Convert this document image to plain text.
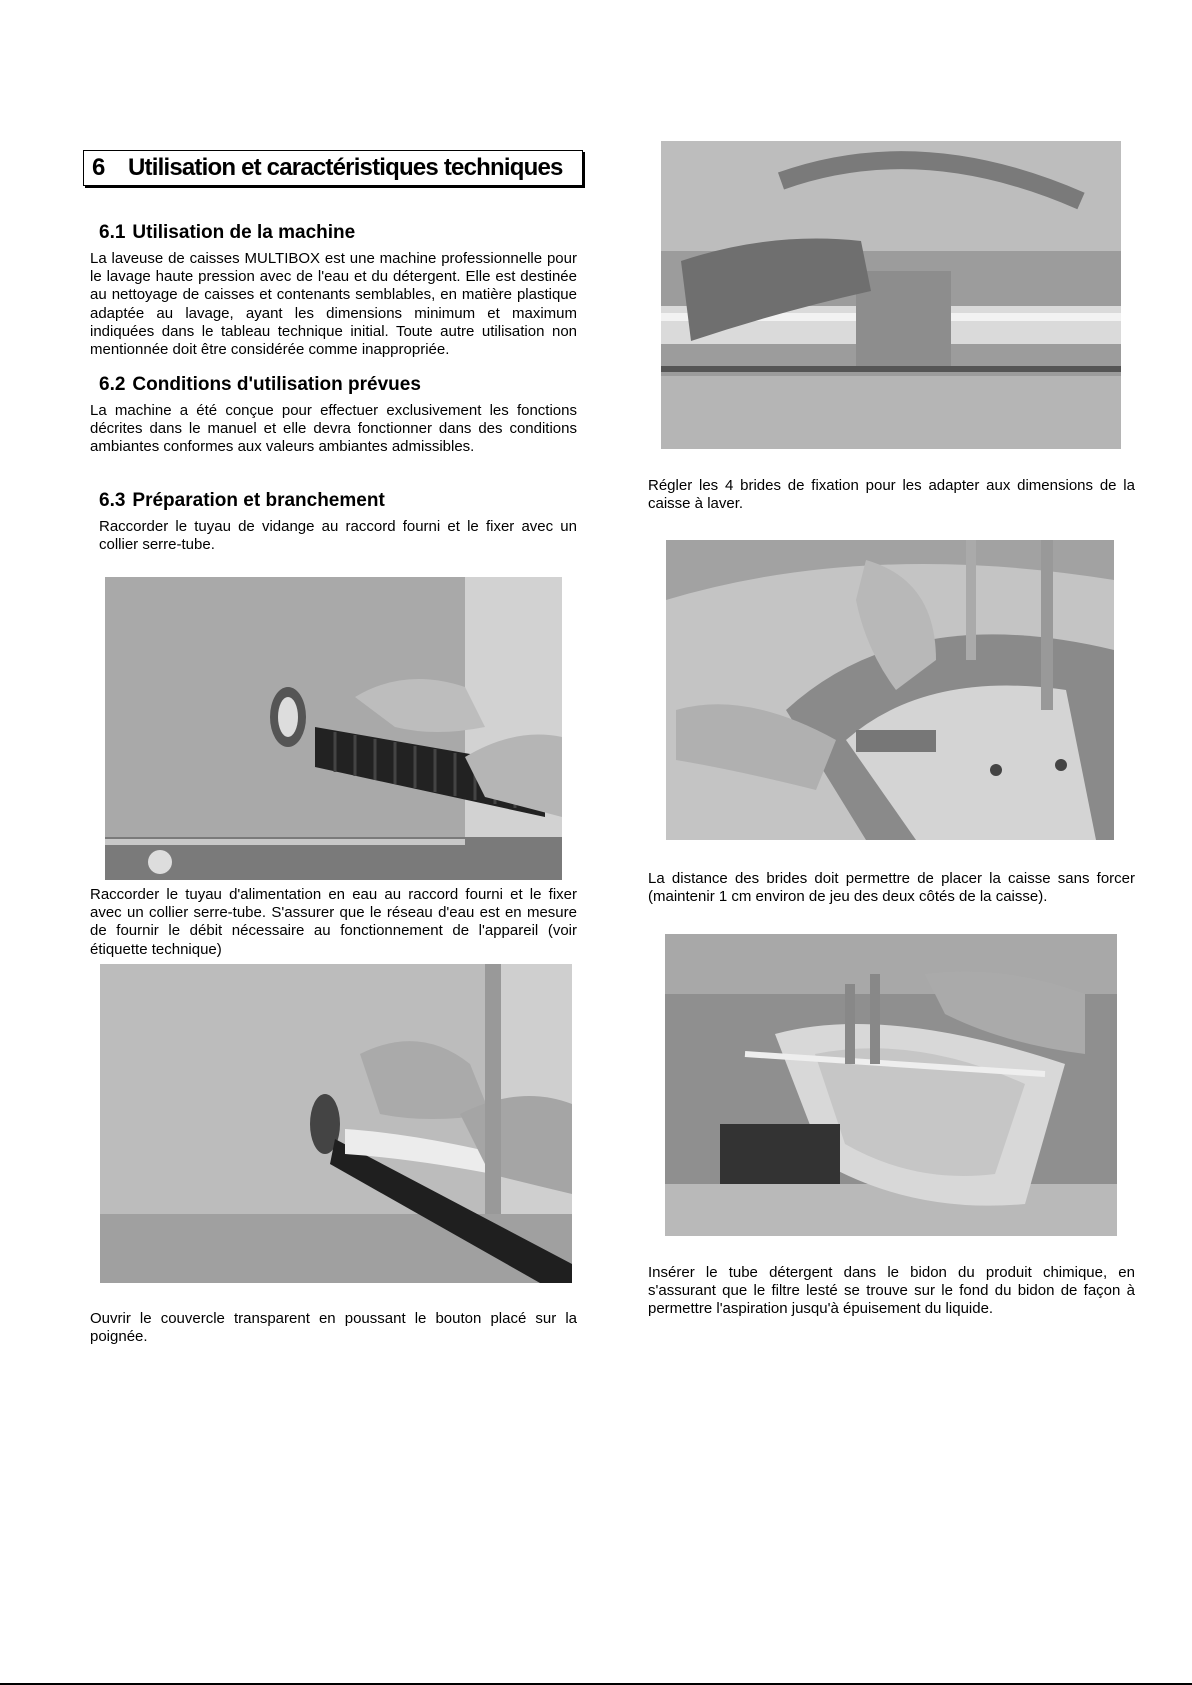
6 Utilisation et caractéristiques techniques
6.1 Utilisation de la machine
La laveuse de caisses MULTIBOX est une machine professionnelle pour le lavage haute pression avec de l'eau et du détergent. Elle est destinée au nettoyage de caisses et contenants semblables, en matière plastique adaptée au lavage, ayant les dimensions minimum et maximum indiquées dans le tableau technique initial. Toute autre utilisation non mentionnée doit être considérée comme inappropriée.
6.2 Conditions d'utilisation prévues
La machine a été conçue pour effectuer exclusivement les fonctions décrites dans le manuel et elle devra fonctionner dans des conditions ambiantes conformes aux valeurs ambiantes admissibles.
6.3 Préparation et branchement
Raccorder le tuyau de vidange au raccord fourni et le fixer avec un collier serre-tube.
Raccorder le tuyau d'alimentation en eau au raccord fourni et le fixer avec un collier serre-tube. S'assurer que le réseau d'eau est en mesure de fournir le débit nécessaire au fonctionnement de l'appareil (voir étiquette technique)
Ouvrir le couvercle transparent en poussant le bouton placé sur la poignée.
Régler les 4 brides de fixation pour les adapter aux dimensions de la caisse à laver.
La distance des brides doit permettre de placer la caisse sans forcer (maintenir 1 cm environ de jeu des deux côtés de la caisse).
Insérer le tube détergent dans le bidon du produit chimique, en s'assurant que le filtre lesté se trouve sur le fond du bidon de façon à permettre l'aspiration jusqu'à épuisement du liquide.
